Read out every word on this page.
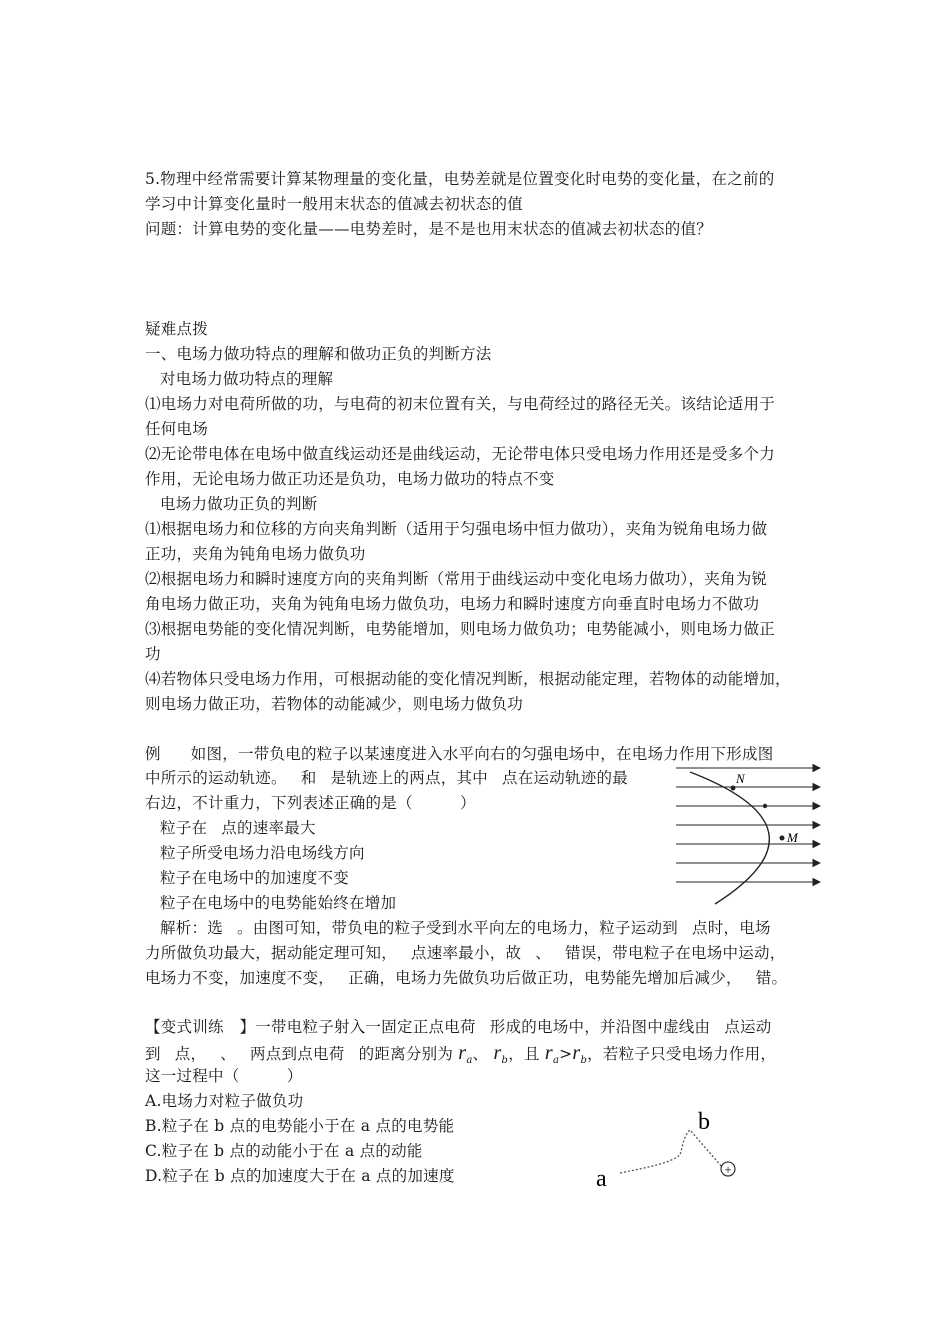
5.物理中经常需要计算某物理量的变化量，电势差就是位置变化时电势的变化量，在之前的
学习中计算变化量时一般用末状态的值减去初状态的值
问题：计算电势的变化量——电势差时，是不是也用末状态的值减去初状态的值？
疑难点拨
一、电场力做功特点的理解和做功正负的判断方法
对电场力做功特点的理解
⑴电场力对电荷所做的功，与电荷的初末位置有关，与电荷经过的路径无关。该结论适用于
任何电场
⑵无论带电体在电场中做直线运动还是曲线运动，无论带电体只受电场力作用还是受多个力
作用，无论电场力做正功还是负功，电场力做功的特点不变
电场力做功正负的判断
⑴根据电场力和位移的方向夹角判断（适用于匀强电场中恒力做功），夹角为锐角电场力做
正功，夹角为钝角电场力做负功
⑵根据电场力和瞬时速度方向的夹角判断（常用于曲线运动中变化电场力做功），夹角为锐
角电场力做正功，夹角为钝角电场力做负功，电场力和瞬时速度方向垂直时电场力不做功
⑶根据电势能的变化情况判断，电势能增加，则电场力做负功；电势能减小，则电场力做正
功
⑷若物体只受电场力作用，可根据动能的变化情况判断，根据动能定理，若物体的动能增加，
则电场力做正功，若物体的动能减少，则电场力做负功
例 如图，一带负电的粒子以某速度进入水平向右的匀强电场中，在电场力作用下形成图
中所示的运动轨迹。 和 是轨迹上的两点，其中 点在运动轨迹的最
右边，不计重力，下列表述正确的是（　　　）
粒子在 点的速率最大
粒子所受电场力沿电场线方向
粒子在电场中的加速度不变
粒子在电场中的电势能始终在增加
解析：选 。由图可知，带负电的粒子受到水平向左的电场力，粒子运动到 点时，电场
力所做负功最大，据动能定理可知， 点速率最小，故 、 错误，带电粒子在电场中运动，
电场力不变，加速度不变， 正确，电场力先做负功后做正功，电势能先增加后减少， 错。
N
M
【变式训练　】一带电粒子射入一固定正点电荷 形成的电场中，并沿图中虚线由 点运动
到 点， 、 两点到点电荷 的距离分别为 $r_a$、 $r_b$，且 $r_a>r_b$，若粒子只受电场力作用，
这一过程中（　　　）
A.电场力对粒子做负功
B.粒子在 b 点的电势能小于在 a 点的电势能
C.粒子在 b 点的动能小于在 a 点的动能
D.粒子在 b 点的加速度大于在 a 点的加速度	+
a
b
